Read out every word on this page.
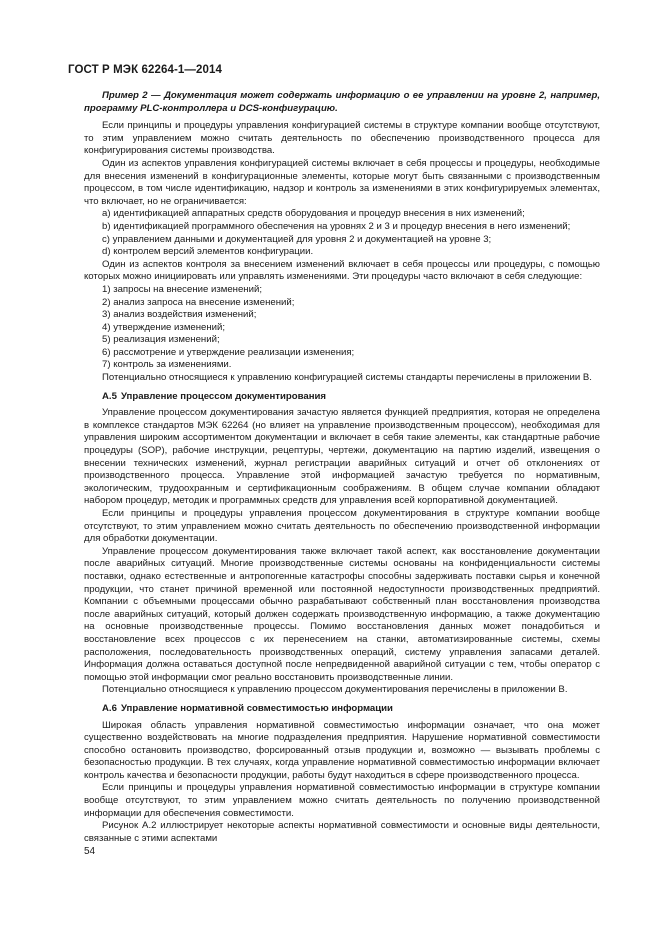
ГОСТ Р МЭК 62264-1—2014

Пример 2 — Документация может содержать информацию о ее управлении на уровне 2, например, программу PLC-контроллера и DCS-конфигурацию.

Если принципы и процедуры управления конфигурацией системы в структуре компании вообще отсутствуют, то этим управлением можно считать деятельность по обеспечению производственного процесса для конфигурирования системы производства.

Один из аспектов управления конфигурацией системы включает в себя процессы и процедуры, необходимые для внесения изменений в конфигурационные элементы, которые могут быть связанными с производственным процессом, в том числе идентификацию, надзор и контроль за изменениями в этих конфигурируемых элементах, что включает, но не ограничивается:

a) идентификацией аппаратных средств оборудования и процедур внесения в них изменений;

b) идентификацией программного обеспечения на уровнях 2 и 3 и процедур внесения в него изменений;

c) управлением данными и документацией для уровня 2 и документацией на уровне 3;

d) контролем версий элементов конфигурации.

Один из аспектов контроля за внесением изменений включает в себя процессы или процедуры, с помощью которых можно инициировать или управлять изменениями. Эти процедуры часто включают в себя следующие:

1) запросы на внесение изменений;

2) анализ запроса на внесение изменений;

3) анализ воздействия изменений;

4) утверждение изменений;

5) реализация изменений;

6) рассмотрение и утверждение реализации изменения;

7) контроль за изменениями.

Потенциально относящиеся к управлению конфигурацией системы стандарты перечислены в приложении В.

А.5 Управление процессом документирования

Управление процессом документирования зачастую является функцией предприятия, которая не определена в комплексе стандартов МЭК 62264 (но влияет на управление производственным процессом), необходимая для управления широким ассортиментом документации и включает в себя такие элементы, как стандартные рабочие процедуры (SOP), рабочие инструкции, рецептуры, чертежи, документацию на партию изделий, извещения о внесении технических изменений, журнал регистрации аварийных ситуаций и отчет об отклонениях от производственного процесса. Управление этой информацией зачастую требуется по нормативным, экологическим, трудоохранным и сертификационным соображениям. В общем случае компании обладают набором процедур, методик и программных средств для управления всей корпоративной документацией.

Если принципы и процедуры управления процессом документирования в структуре компании вообще отсутствуют, то этим управлением можно считать деятельность по обеспечению производственной информации для обработки документации.

Управление процессом документирования также включает такой аспект, как восстановление документации после аварийных ситуаций. Многие производственные системы основаны на конфиденциальности системы поставки, однако естественные и антропогенные катастрофы способны задерживать поставки сырья и конечной продукции, что станет причиной временной или постоянной недоступности производственных предприятий. Компании с объемными процессами обычно разрабатывают собственный план восстановления производства после аварийных ситуаций, который должен содержать производственную информацию, а также документацию на основные производственные процессы. Помимо восстановления данных может понадобиться и восстановление всех процессов с их перенесением на станки, автоматизированные системы, схемы расположения, последовательность производственных операций, систему управления запасами деталей. Информация должна оставаться доступной после непредвиденной аварийной ситуации с тем, чтобы оператор с помощью этой информации смог реально восстановить производственные линии.

Потенциально относящиеся к управлению процессом документирования перечислены в приложении В.

А.6 Управление нормативной совместимостью информации

Широкая область управления нормативной совместимостью информации означает, что она может существенно воздействовать на многие подразделения предприятия. Нарушение нормативной совместимости способно остановить производство, форсированный отзыв продукции и, возможно — вызывать проблемы с безопасностью продукции. В тех случаях, когда управление нормативной совместимостью информации включает контроль качества и безопасности продукции, работы будут находиться в сфере производственного процесса.

Если принципы и процедуры управления нормативной совместимостью информации в структуре компании вообще отсутствуют, то этим управлением можно считать деятельность по получению производственной информации для обеспечения совместимости.

Рисунок А.2 иллюстрирует некоторые аспекты нормативной совместимости и основные виды деятельности, связанные с этими аспектами

54
